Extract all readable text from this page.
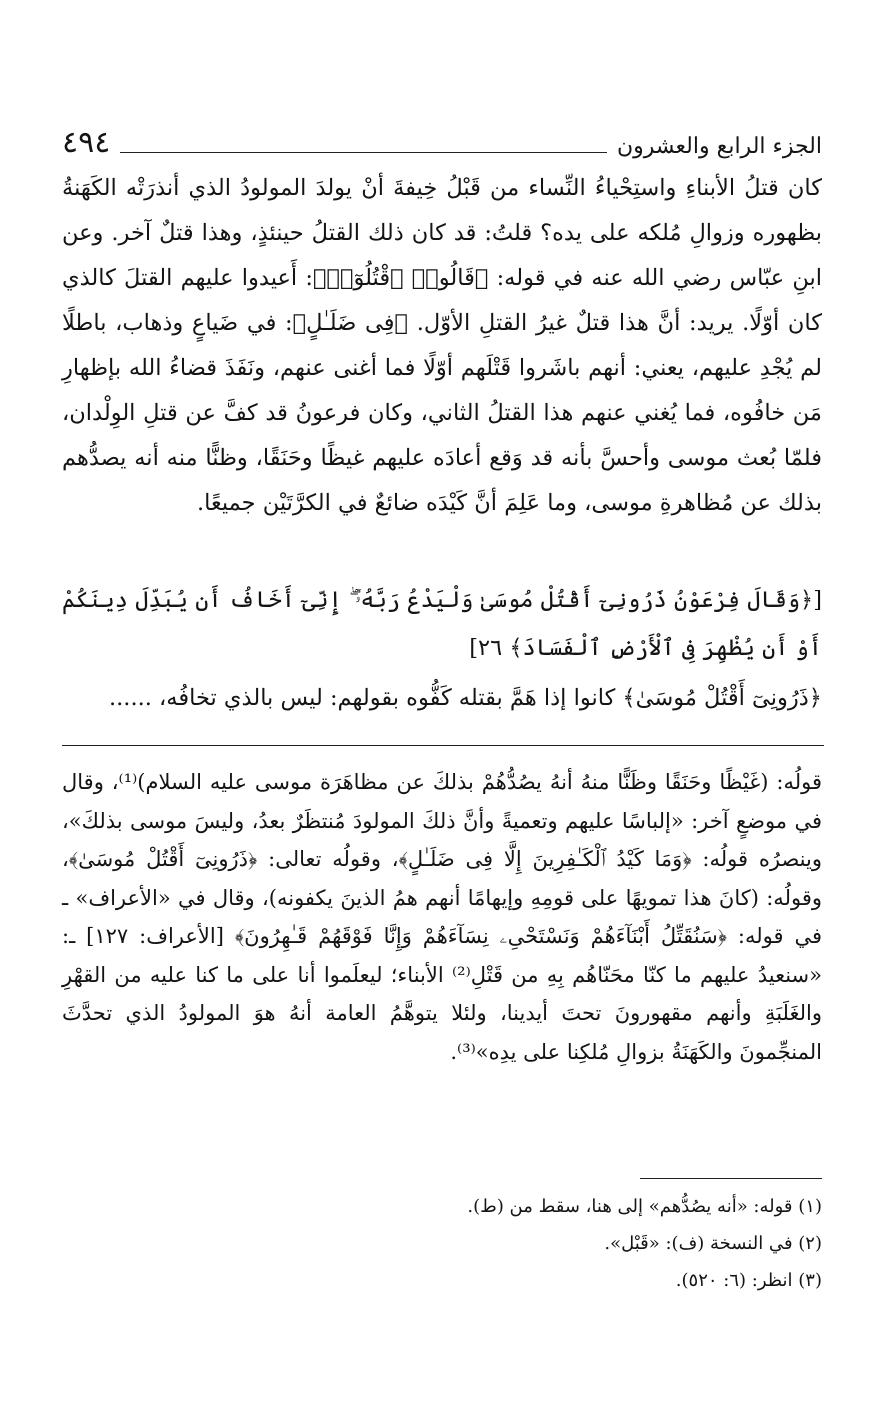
٤٩٤	الجزء الرابع والعشرون

كان قتلُ الأبناءِ واستِحْياءُ النِّساء من قَبْلُ خِيفةَ أنْ يولدَ المولودُ الذي أنذرَتْه الكَهَنةُ بظهوره وزوالِ مُلكه على يده؟ قلتُ: قد كان ذلك القتلُ حينئذٍ، وهذا قتلٌ آخر. وعن ابنِ عبّاس رضي الله عنه في قوله: ﴿قَالُوا۟ ٱقْتُلُوٓا۟﴾: أَعيدوا عليهم القتلَ كالذي كان أوّلًا. يريد: أنَّ هذا قتلٌ غيرُ القتلِ الأوّل. ﴿فِى ضَلَـٰلٍ﴾: في ضَياعٍ وذهاب، باطلًا لم يُجْدِ عليهم، يعني: أنهم باشَروا قَتْلَهم أوّلًا فما أغنى عنهم، ونَفَذَ قضاءُ الله بإظهارِ مَن خافُوه، فما يُغني عنهم هذا القتلُ الثاني، وكان فرعونُ قد كفَّ عن قتلِ الوِلْدان، فلمّا بُعث موسى وأحسَّ بأنه قد وَقع أعادَه عليهم غيظًا وحَنَقًا، وظنًّا منه أنه يصدُّهم بذلك عن مُظاهرةِ موسى، وما عَلِمَ أنَّ كَيْدَه ضائعٌ في الكرَّتَيْن جميعًا.

[﴿وَقَالَ فِرْعَوْنُ ذَرُونِىٓ أَقْتُلْ مُوسَىٰ وَلْيَدْعُ رَبَّهُۥٓ ۖ إِنِّىٓ أَخَافُ أَن يُبَدِّلَ دِينَكُمْ أَوْ أَن يُظْهِرَ فِى ٱلْأَرْضِ ٱلْفَسَادَ﴾ ٢٦]
﴿ذَرُونِىٓ أَقْتُلْ مُوسَىٰ﴾ كانوا إذا هَمَّ بقتله كَفُّوه بقولهم: ليس بالذي تخافُه، ......

قولُه: (غَيْظًا وحَنَقًا وظَنًّا منهُ أنهُ يصُدُّهُمْ بذلكَ عن مظاهَرَة موسى عليه السلام)⁽¹⁾، وقال في موضعٍ آخر: «إلباسًا عليهم وتعميةً وأنَّ ذلكَ المولودَ مُنتظَرٌ بعدُ، وليسَ موسى بذلكَ»، وينصرُه قولُه: ﴿وَمَا كَيْدُ ٱلْكَـٰفِرِينَ إِلَّا فِى ضَلَـٰلٍ﴾، وقولُه تعالى: ﴿ذَرُونِىٓ أَقْتُلْ مُوسَىٰ﴾، وقولُه: (كانَ هذا تمويهًا على قومِهِ وإيهامًا أنهم همُ الذينَ يكفونه)، وقال في «الأعراف» ـ في قوله: ﴿سَنُقَتِّلُ أَبْنَآءَهُمْ وَنَسْتَحْىِۦ نِسَآءَهُمْ وَإِنَّا فَوْقَهُمْ قَـٰهِرُونَ﴾ [الأعراف: ١٢٧] ـ: «سنعيدُ عليهم ما كنّا محَنّاهُم بِهِ من قَتْلِ⁽²⁾ الأبناء؛ ليعلَموا أنا على ما كنا عليه من القهْرِ والغَلَبَةِ وأنهم مقهورونَ تحتَ أيدينا، ولئلا يتوهَّمُ العامة أنهُ هوَ المولودُ الذي تحدَّثَ المنجِّمونَ والكَهَنَةُ بزوالِ مُلكِنا على يدِه»⁽³⁾.

(١) قوله: «أنه يصُدُّهم» إلى هنا، سقط من (ط).
(٢) في النسخة (ف): «قَبْل».
(٣) انظر: (٦: ٥٢٠).
